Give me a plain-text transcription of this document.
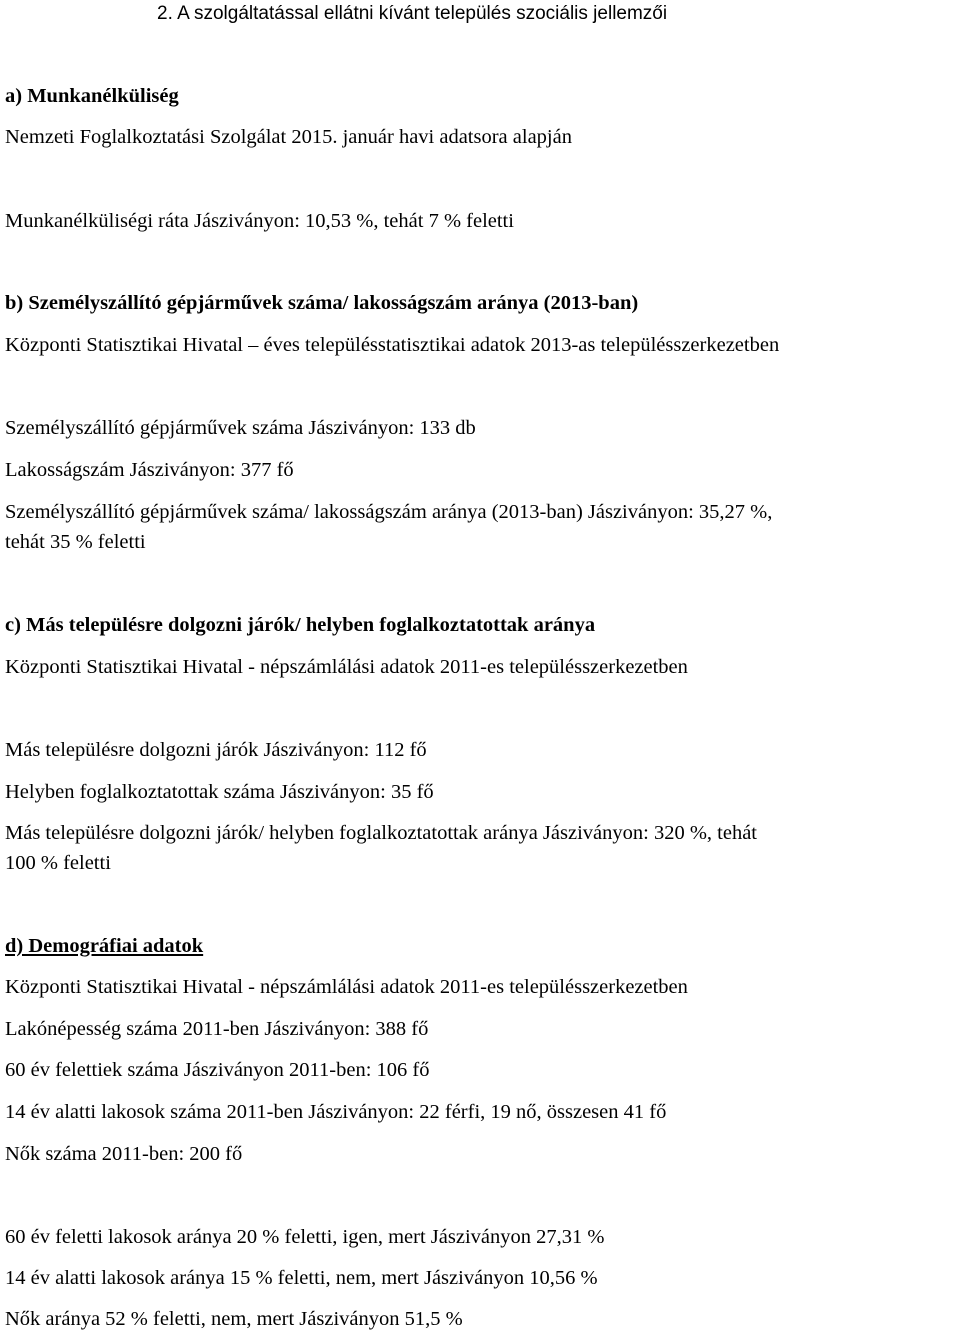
2. A szolgáltatással ellátni kívánt település szociális jellemzői
a) Munkanélküliség
Nemzeti Foglalkoztatási Szolgálat 2015. január havi adatsora alapján
Munkanélküliségi ráta Jászivány​on: 10,53 %, tehát 7 % feletti
b) Személyszállító gépjárművek száma/ lakosságszám aránya (2013-ban)
Központi Statisztikai Hivatal – éves településstatisztikai adatok 2013-as településszerkezetben
Személyszállító gépjárművek száma Jászivány​on: 133 db
Lakosságszám Jászivány​on: 377 fő
Személyszállító gépjárművek száma/ lakosságszám aránya (2013-ban) Jászivány​on: 35,27 %,
tehát 35 % feletti
c) Más településre dolgozni járók/ helyben foglalkoztatottak aránya
Központi Statisztikai Hivatal - népszámlálási adatok 2011-es településszerkezetben
Más településre dolgozni járók Jászivány​on: 112 fő
Helyben foglalkoztatottak száma Jászivány​on: 35 fő
Más településre dolgozni járók/ helyben foglalkoztatottak aránya Jászivány​on: 320 %, tehát
100 % feletti
d) Demográfiai adatok
Központi Statisztikai Hivatal - népszámlálási adatok 2011-es településszerkezetben
Lakónépesség száma 2011-ben Jászivány​on: 388 fő
60 év felettiek száma Jászivány​on 2011-ben: 106 fő
14 év alatti lakosok száma 2011-ben Jászivány​on: 22 férfi, 19 nő, összesen 41 fő
Nők száma 2011-ben: 200 fő
60 év feletti lakosok aránya 20 % feletti, igen, mert Jászivány​on 27,31 %
14 év alatti lakosok aránya 15 % feletti, nem, mert Jászivány​on 10,56 %
Nők aránya 52 % feletti, nem, mert Jászivány​on 51,5 %
